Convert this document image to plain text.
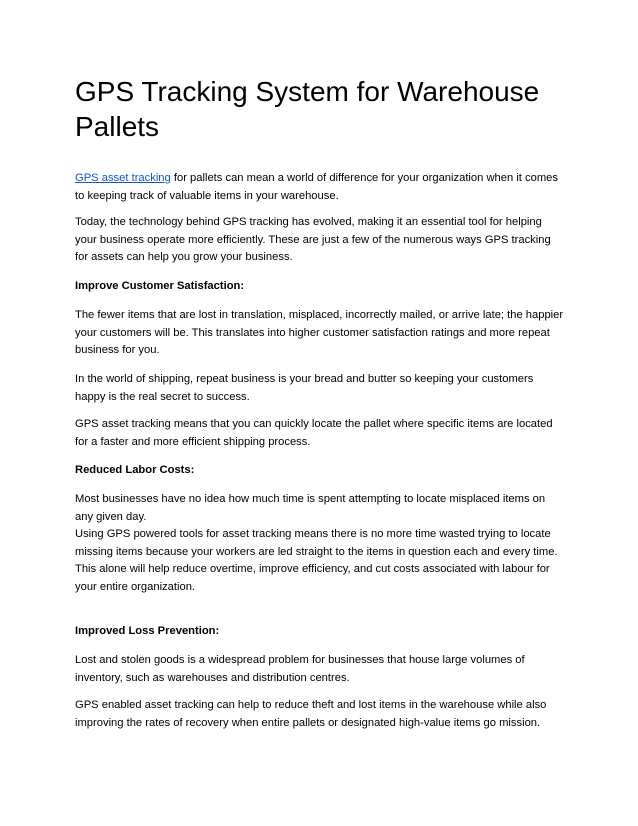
GPS Tracking System for Warehouse Pallets

GPS asset tracking for pallets can mean a world of difference for your organization when it comes to keeping track of valuable items in your warehouse.

Today, the technology behind GPS tracking has evolved, making it an essential tool for helping your business operate more efficiently. These are just a few of the numerous ways GPS tracking for assets can help you grow your business.

Improve Customer Satisfaction:

The fewer items that are lost in translation, misplaced, incorrectly mailed, or arrive late; the happier your customers will be. This translates into higher customer satisfaction ratings and more repeat business for you.

In the world of shipping, repeat business is your bread and butter so keeping your customers happy is the real secret to success.

GPS asset tracking means that you can quickly locate the pallet where specific items are located for a faster and more efficient shipping process.

Reduced Labor Costs:

Most businesses have no idea how much time is spent attempting to locate misplaced items on any given day.
Using GPS powered tools for asset tracking means there is no more time wasted trying to locate missing items because your workers are led straight to the items in question each and every time.
This alone will help reduce overtime, improve efficiency, and cut costs associated with labour for your entire organization.

Improved Loss Prevention:

Lost and stolen goods is a widespread problem for businesses that house large volumes of inventory, such as warehouses and distribution centres.

GPS enabled asset tracking can help to reduce theft and lost items in the warehouse while also improving the rates of recovery when entire pallets or designated high-value items go mission.
